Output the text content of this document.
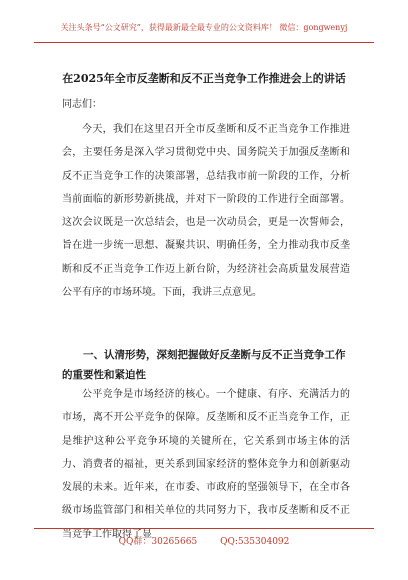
关注头条号“公文研究”，获得最新最全最专业的公文资料库！ 微信：gongwenyj
在2025年全市反垄断和反不正当竞争工作推进会上的讲话
同志们：

今天，我们在这里召开全市反垄断和反不正当竞争工作推进会，主要任务是深入学习贯彻党中央、国务院关于加强反垄断和反不正当竞争工作的决策部署，总结我市前一阶段的工作，分析当前面临的新形势新挑战，并对下一阶段的工作进行全面部署。这次会议既是一次总结会，也是一次动员会，更是一次誓师会，旨在进一步统一思想、凝聚共识、明确任务，全力推动我市反垄断和反不正当竞争工作迈上新台阶，为经济社会高质量发展营造公平有序的市场环境。下面，我讲三点意见。

一、认清形势，深刻把握做好反垄断与反不正当竞争工作的重要性和紧迫性

公平竞争是市场经济的核心。一个健康、有序、充满活力的市场，离不开公平竞争的保障。反垄断和反不正当竞争工作，正是维护这种公平竞争环境的关键所在，它关系到市场主体的活力、消费者的福祉，更关系到国家经济的整体竞争力和创新驱动发展的未来。近年来，在市委、市政府的坚强领导下，在全市各级市场监管部门和相关单位的共同努力下，我市反垄断和反不正当竞争工作取得了显

QQ群：30265665	QQ:535304092
